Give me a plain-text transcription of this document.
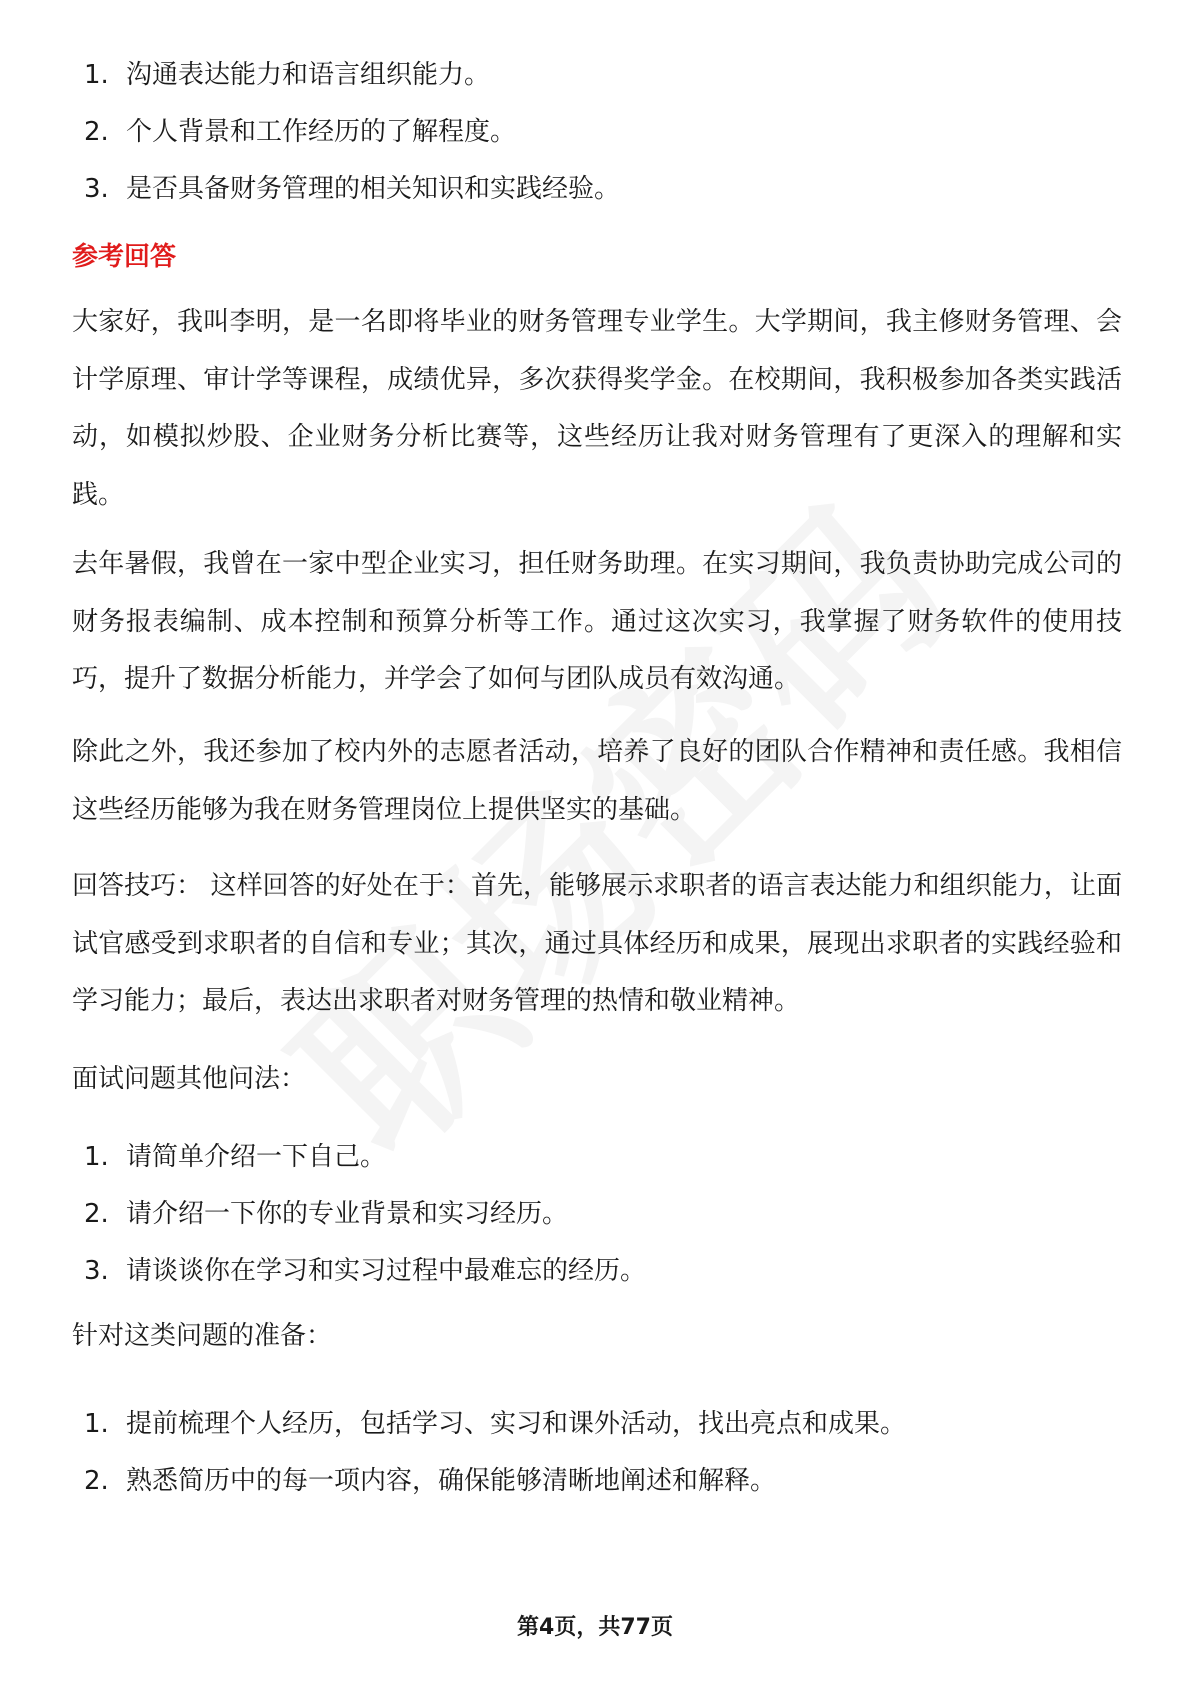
1. 沟通表达能力和语言组织能力。
2. 个人背景和工作经历的了解程度。
3. 是否具备财务管理的相关知识和实践经验。
参考回答

大家好，我叫李明，是一名即将毕业的财务管理专业学生。大学期间，我主修财务管理、会计学原理、审计学等课程，成绩优异，多次获得奖学金。在校期间，我积极参加各类实践活动，如模拟炒股、企业财务分析比赛等，这些经历让我对财务管理有了更深入的理解和实践。

去年暑假，我曾在一家中型企业实习，担任财务助理。在实习期间，我负责协助完成公司的财务报表编制、成本控制和预算分析等工作。通过这次实习，我掌握了财务软件的使用技巧，提升了数据分析能力，并学会了如何与团队成员有效沟通。

除此之外，我还参加了校内外的志愿者活动，培养了良好的团队合作精神和责任感。我相信这些经历能够为我在财务管理岗位上提供坚实的基础。

回答技巧： 这样回答的好处在于：首先，能够展示求职者的语言表达能力和组织能力，让面试官感受到求职者的自信和专业；其次，通过具体经历和成果，展现出求职者的实践经验和学习能力；最后，表达出求职者对财务管理的热情和敬业精神。

面试问题其他问法：
1. 请简单介绍一下自己。
2. 请介绍一下你的专业背景和实习经历。
3. 请谈谈你在学习和实习过程中最难忘的经历。
针对这类问题的准备：
1. 提前梳理个人经历，包括学习、实习和课外活动，找出亮点和成果。
2. 熟悉简历中的每一项内容，确保能够清晰地阐述和解释。
第4页，共77页
